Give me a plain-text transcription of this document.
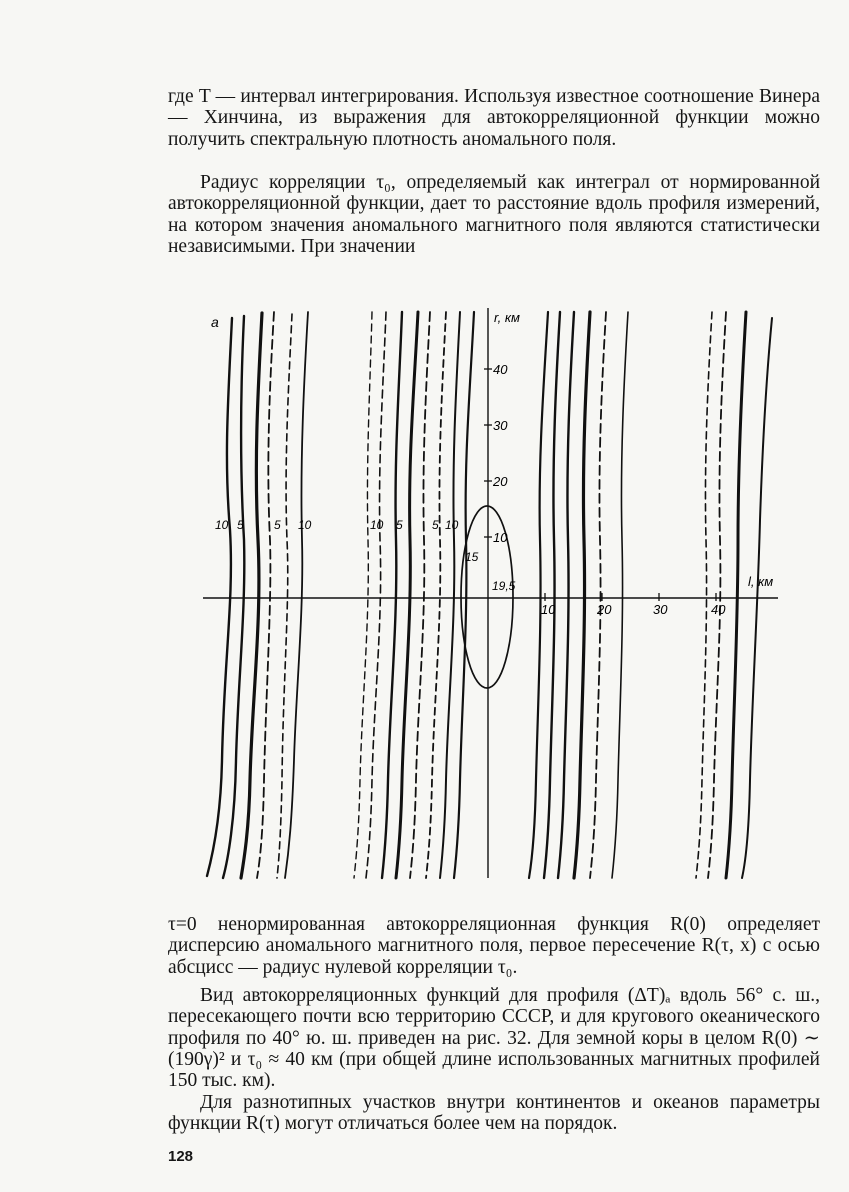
где T — интервал интегрирования. Используя известное соотношение Винера — Хинчина, из выражения для автокорреляционной функции можно получить спектральную плотность аномального поля.

Радиус корреляции τ₀, определяемый как интеграл от нормированной автокорреляционной функции, дает то расстояние вдоль профиля измерений, на котором значения аномального магнитного поля являются статистически независимыми. При значении

a	r, км
40
30
20
10
l, км
10	20	30	40
19,5
15
10 5	5 10	10 5 5 10

τ=0 ненормированная автокорреляционная функция R(0) определяет дисперсию аномального магнитного поля, первое пересечение R(τ, x) с осью абсцисс — радиус нулевой корреляции τ₀.

Вид автокорреляционных функций для профиля (ΔT)ₐ вдоль 56° с. ш., пересекающего почти всю территорию СССР, и для кругового океанического профиля по 40° ю. ш. приведен на рис. 32. Для земной коры в целом R(0) ∼ (190γ)² и τ₀ ≈ 40 км (при общей длине использованных магнитных профилей 150 тыс. км).

Для разнотипных участков внутри континентов и океанов параметры функции R(τ) могут отличаться более чем на порядок.

128
